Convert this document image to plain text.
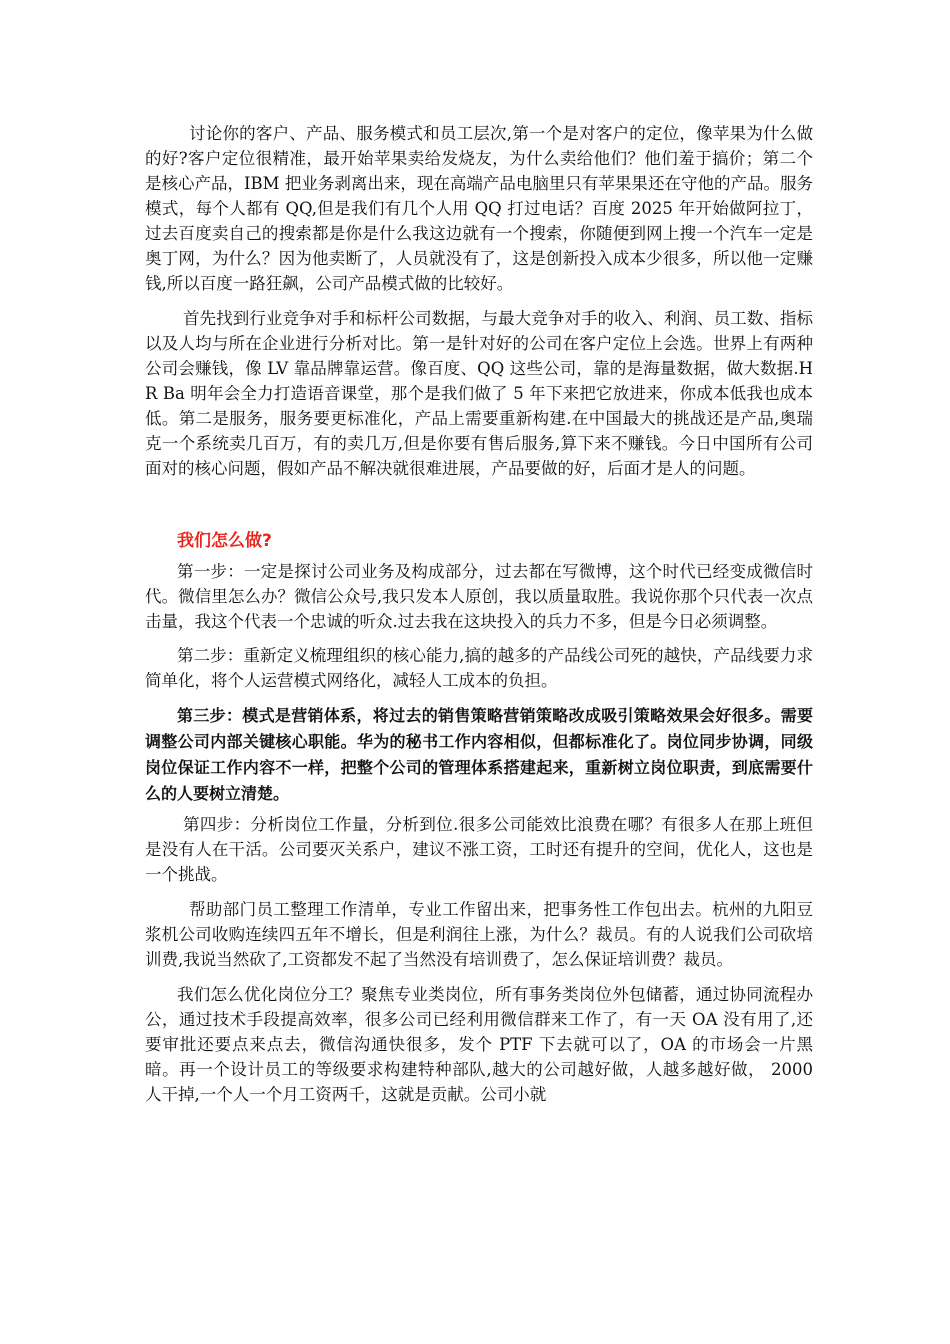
讨论你的客户、产品、服务模式和员工层次,第一个是对客户的定位，像苹果为什么做的好?客户定位很精准，最开始苹果卖给发烧友，为什么卖给他们？他们羞于搞价；第二个是核心产品，IBM 把业务剥离出来，现在高端产品电脑里只有苹果果还在守他的产品。服务模式，每个人都有 QQ,但是我们有几个人用 QQ 打过电话？百度 2025 年开始做阿拉丁，过去百度卖自己的搜索都是你是什么我这边就有一个搜索，你随便到网上搜一个汽车一定是奥丁网，为什么？因为他卖断了，人员就没有了，这是创新投入成本少很多，所以他一定赚钱,所以百度一路狂飙，公司产品模式做的比较好。

首先找到行业竞争对手和标杆公司数据，与最大竞争对手的收入、利润、员工数、指标以及人均与所在企业进行分析对比。第一是针对好的公司在客户定位上会选。世界上有两种公司会赚钱，像 LV 靠品牌靠运营。像百度、QQ 这些公司，靠的是海量数据，做大数据.HR Ba 明年会全力打造语音课堂，那个是我们做了 5 年下来把它放进来，你成本低我也成本低。第二是服务，服务要更标准化，产品上需要重新构建.在中国最大的挑战还是产品,奥瑞克一个系统卖几百万，有的卖几万,但是你要有售后服务,算下来不赚钱。今日中国所有公司面对的核心问题，假如产品不解决就很难进展，产品要做的好，后面才是人的问题。

我们怎么做?

第一步：一定是探讨公司业务及构成部分，过去都在写微博，这个时代已经变成微信时代。微信里怎么办？微信公众号,我只发本人原创，我以质量取胜。我说你那个只代表一次点击量，我这个代表一个忠诚的听众.过去我在这块投入的兵力不多，但是今日必须调整。

第二步：重新定义梳理组织的核心能力,搞的越多的产品线公司死的越快，产品线要力求简单化，将个人运营模式网络化，减轻人工成本的负担。

第三步：模式是营销体系，将过去的销售策略营销策略改成吸引策略效果会好很多。需要调整公司内部关键核心职能。华为的秘书工作内容相似，但都标准化了。岗位同步协调，同级岗位保证工作内容不一样，把整个公司的管理体系搭建起来，重新树立岗位职责，到底需要什么的人要树立清楚。

第四步：分析岗位工作量，分析到位.很多公司能效比浪费在哪？有很多人在那上班但是没有人在干活。公司要灭关系户，建议不涨工资，工时还有提升的空间，优化人，这也是一个挑战。

帮助部门员工整理工作清单，专业工作留出来，把事务性工作包出去。杭州的九阳豆浆机公司收购连续四五年不增长，但是利润往上涨，为什么？裁员。有的人说我们公司砍培训费,我说当然砍了,工资都发不起了当然没有培训费了，怎么保证培训费？裁员。

我们怎么优化岗位分工？聚焦专业类岗位，所有事务类岗位外包储蓄，通过协同流程办公，通过技术手段提高效率，很多公司已经利用微信群来工作了，有一天 OA 没有用了,还要审批还要点来点去，微信沟通快很多，发个 PTF 下去就可以了，OA 的市场会一片黑暗。再一个设计员工的等级要求构建特种部队,越大的公司越好做，人越多越好做， 2000 人干掉,一个人一个月工资两千，这就是贡献。公司小就
